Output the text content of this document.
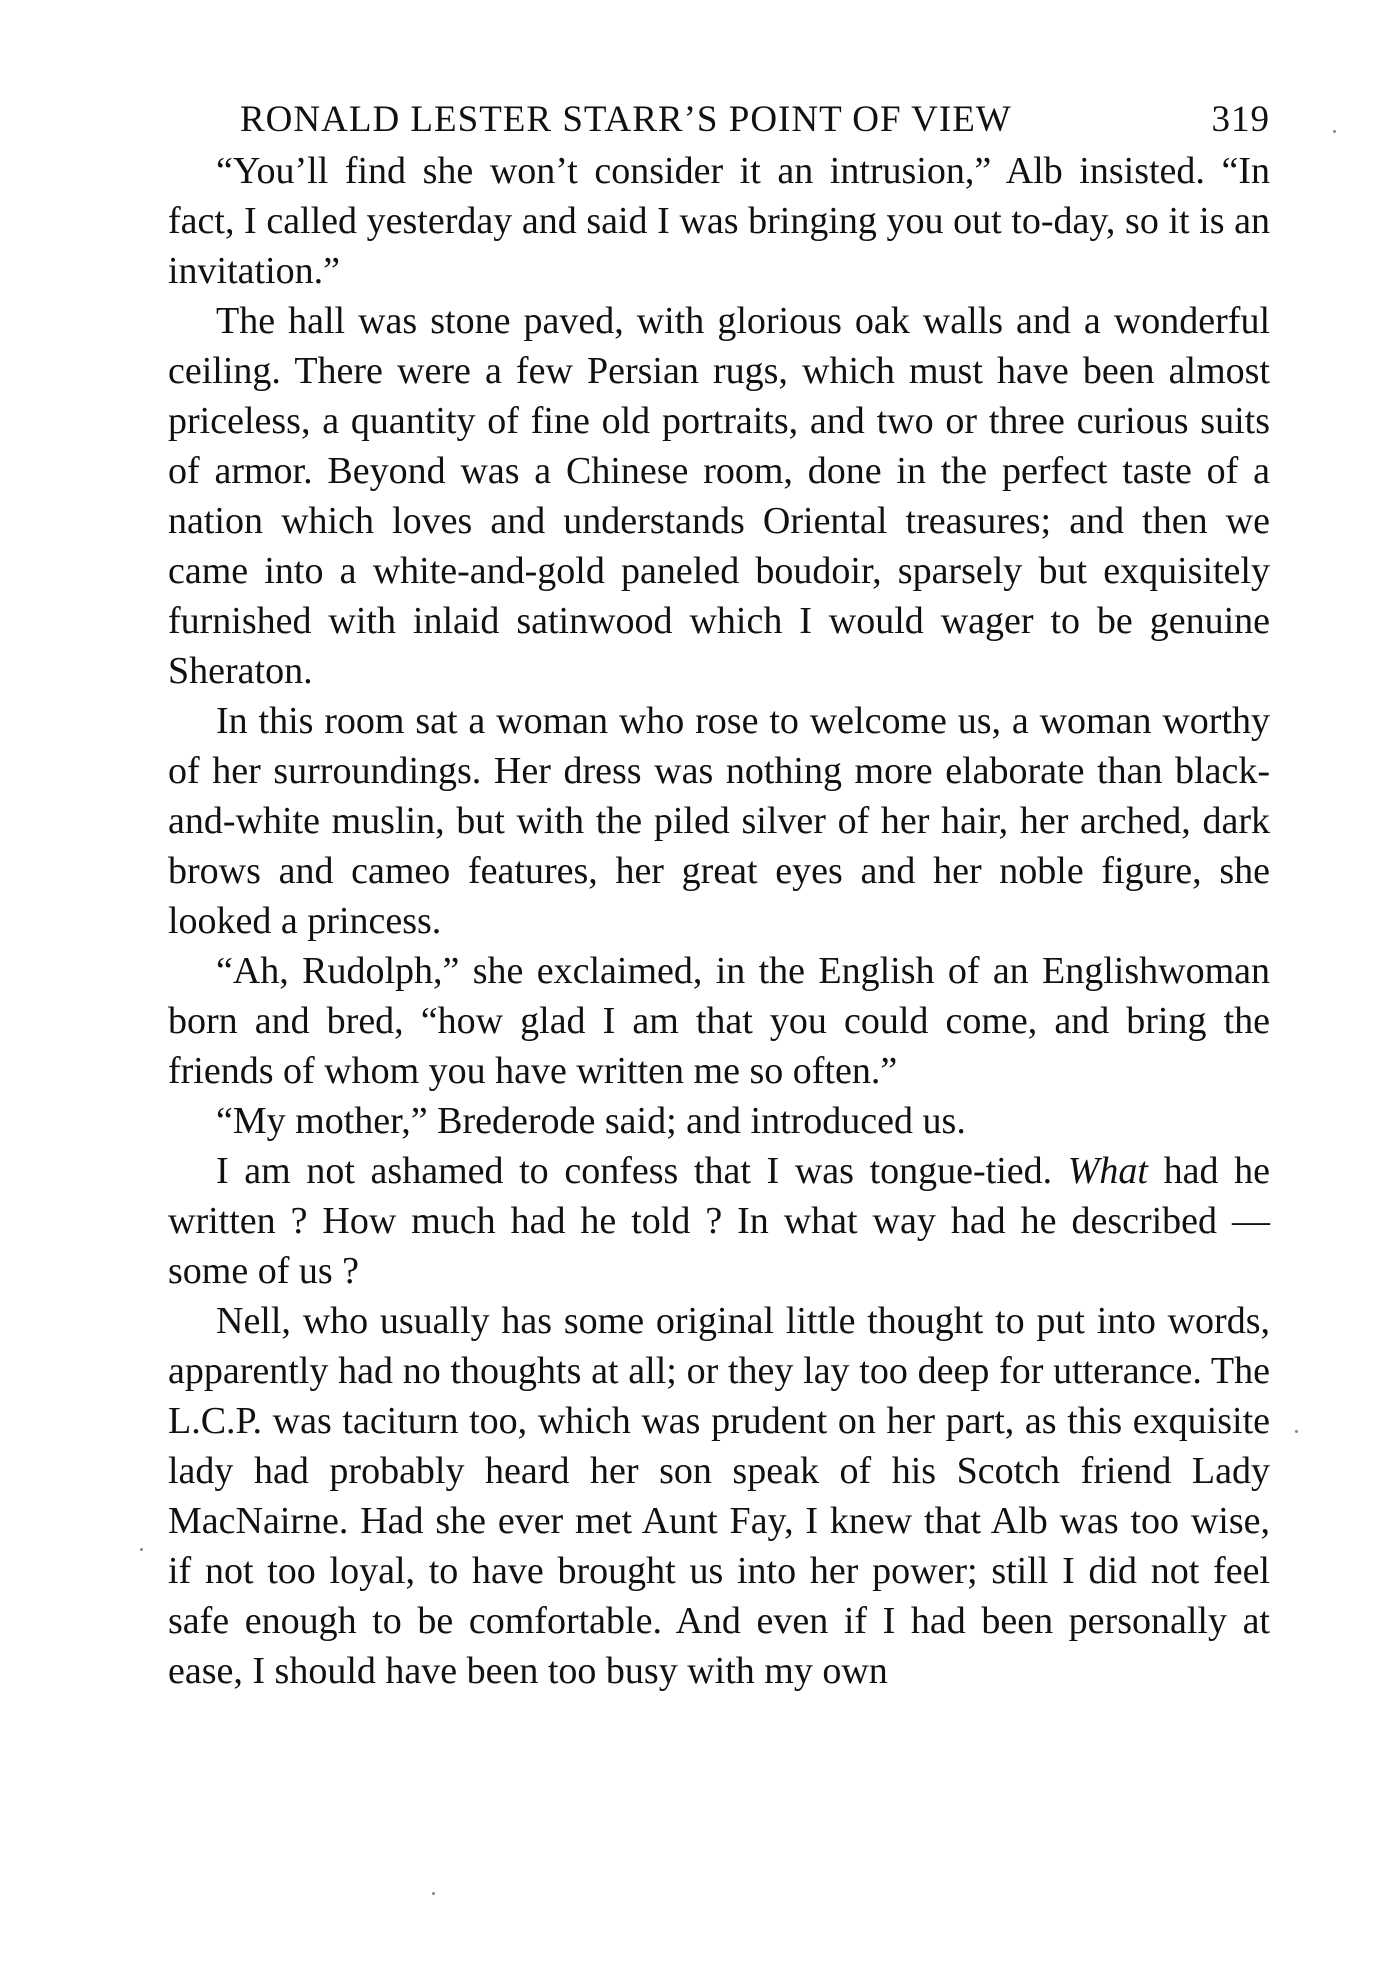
RONALD LESTER STARR’S POINT OF VIEW	319

“You’ll find she won’t consider it an intrusion,” Alb insisted. “In fact, I called yesterday and said I was bringing you out to-day, so it is an invitation.”

The hall was stone paved, with glorious oak walls and a wonderful ceiling. There were a few Persian rugs, which must have been almost priceless, a quantity of fine old portraits, and two or three curious suits of armor. Beyond was a Chinese room, done in the perfect taste of a nation which loves and understands Oriental treasures; and then we came into a white-and-gold paneled boudoir, sparsely but exquisitely furnished with inlaid satinwood which I would wager to be genuine Sheraton.

In this room sat a woman who rose to welcome us, a woman worthy of her surroundings. Her dress was nothing more elaborate than black-and-white muslin, but with the piled silver of her hair, her arched, dark brows and cameo features, her great eyes and her noble figure, she looked a princess.

“Ah, Rudolph,” she exclaimed, in the English of an Englishwoman born and bred, “how glad I am that you could come, and bring the friends of whom you have written me so often.”

“My mother,” Brederode said; and introduced us.

I am not ashamed to confess that I was tongue-tied. What had he written ? How much had he told ? In what way had he described — some of us ?

Nell, who usually has some original little thought to put into words, apparently had no thoughts at all; or they lay too deep for utterance. The L.C.P. was taciturn too, which was prudent on her part, as this exquisite lady had probably heard her son speak of his Scotch friend Lady MacNairne. Had she ever met Aunt Fay, I knew that Alb was too wise, if not too loyal, to have brought us into her power; still I did not feel safe enough to be comfortable. And even if I had been personally at ease, I should have been too busy with my own
